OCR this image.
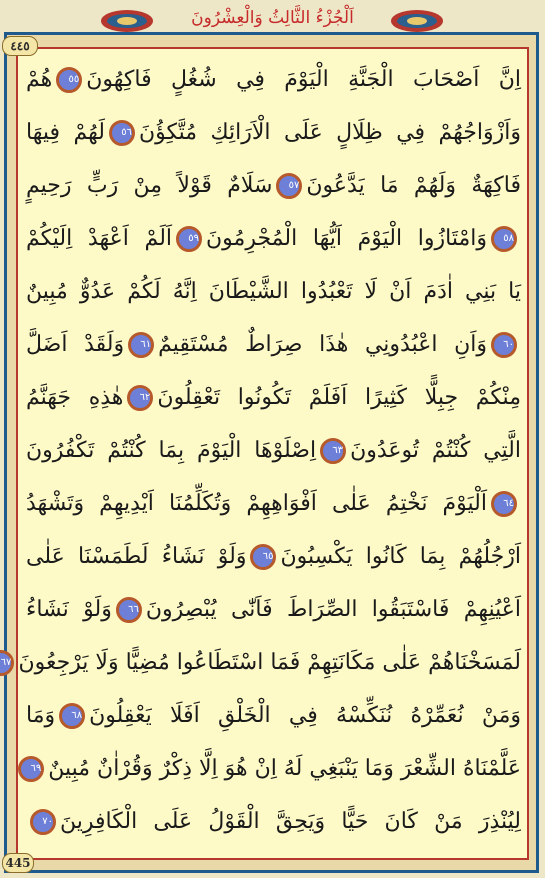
اَلْجُزْءُ الثَّالِثُ وَالْعِشْرُونَ
٤٤٥
445
اِنَّ اَصْحَابَ الْجَنَّةِ الْيَوْمَ فِي شُغُلٍ فَاكِهُونَ٥٥هُمْ
وَاَزْوَاجُهُمْ فِي ظِلَالٍ عَلَى الْاَرَائِكِ مُتَّكِؤُنَ٥٦لَهُمْ فِيهَا
فَاكِهَةٌ وَلَهُمْ مَا يَدَّعُونَ٥٧سَلَامٌ قَوْلاً مِنْ رَبٍّ رَحِيمٍ
٥٨وَامْتَازُوا الْيَوْمَ اَيُّهَا الْمُجْرِمُونَ٥٩اَلَمْ اَعْهَدْ اِلَيْكُمْ
يَا بَنِي اٰدَمَ اَنْ لَا تَعْبُدُوا الشَّيْطَانَ اِنَّهُ لَكُمْ عَدُوٌّ مُبِينٌ
٦٠وَاَنِ اعْبُدُونِي هٰذَا صِرَاطٌ مُسْتَقِيمٌ٦١وَلَقَدْ اَضَلَّ
مِنْكُمْ جِبِلًّا كَثِيرًا اَفَلَمْ تَكُونُوا تَعْقِلُونَ٦٢هٰذِهِ جَهَنَّمُ
الَّتِي كُنْتُمْ تُوعَدُونَ٦٣اِصْلَوْهَا الْيَوْمَ بِمَا كُنْتُمْ تَكْفُرُونَ
٦٤اَلْيَوْمَ نَخْتِمُ عَلٰى اَفْوَاهِهِمْ وَتُكَلِّمُنَا اَيْدِيهِمْ وَتَشْهَدُ
اَرْجُلُهُمْ بِمَا كَانُوا يَكْسِبُونَ٦٥وَلَوْ نَشَاءُ لَطَمَسْنَا عَلٰى
اَعْيُنِهِمْ فَاسْتَبَقُوا الصِّرَاطَ فَاَنّٰى يُبْصِرُونَ٦٦وَلَوْ نَشَاءُ
لَمَسَخْنَاهُمْ عَلٰى مَكَانَتِهِمْ فَمَا اسْتَطَاعُوا مُضِيًّا وَلَا يَرْجِعُونَ٦٧
وَمَنْ نُعَمِّرْهُ نُنَكِّسْهُ فِي الْخَلْقِ اَفَلَا يَعْقِلُونَ٦٨وَمَا
عَلَّمْنَاهُ الشِّعْرَ وَمَا يَنْبَغِي لَهُ اِنْ هُوَ اِلَّا ذِكْرٌ وَقُرْاٰنٌ مُبِينٌ٦٩
لِيُنْذِرَ مَنْ كَانَ حَيًّا وَيَحِقَّ الْقَوْلُ عَلَى الْكَافِرِينَ٧٠
